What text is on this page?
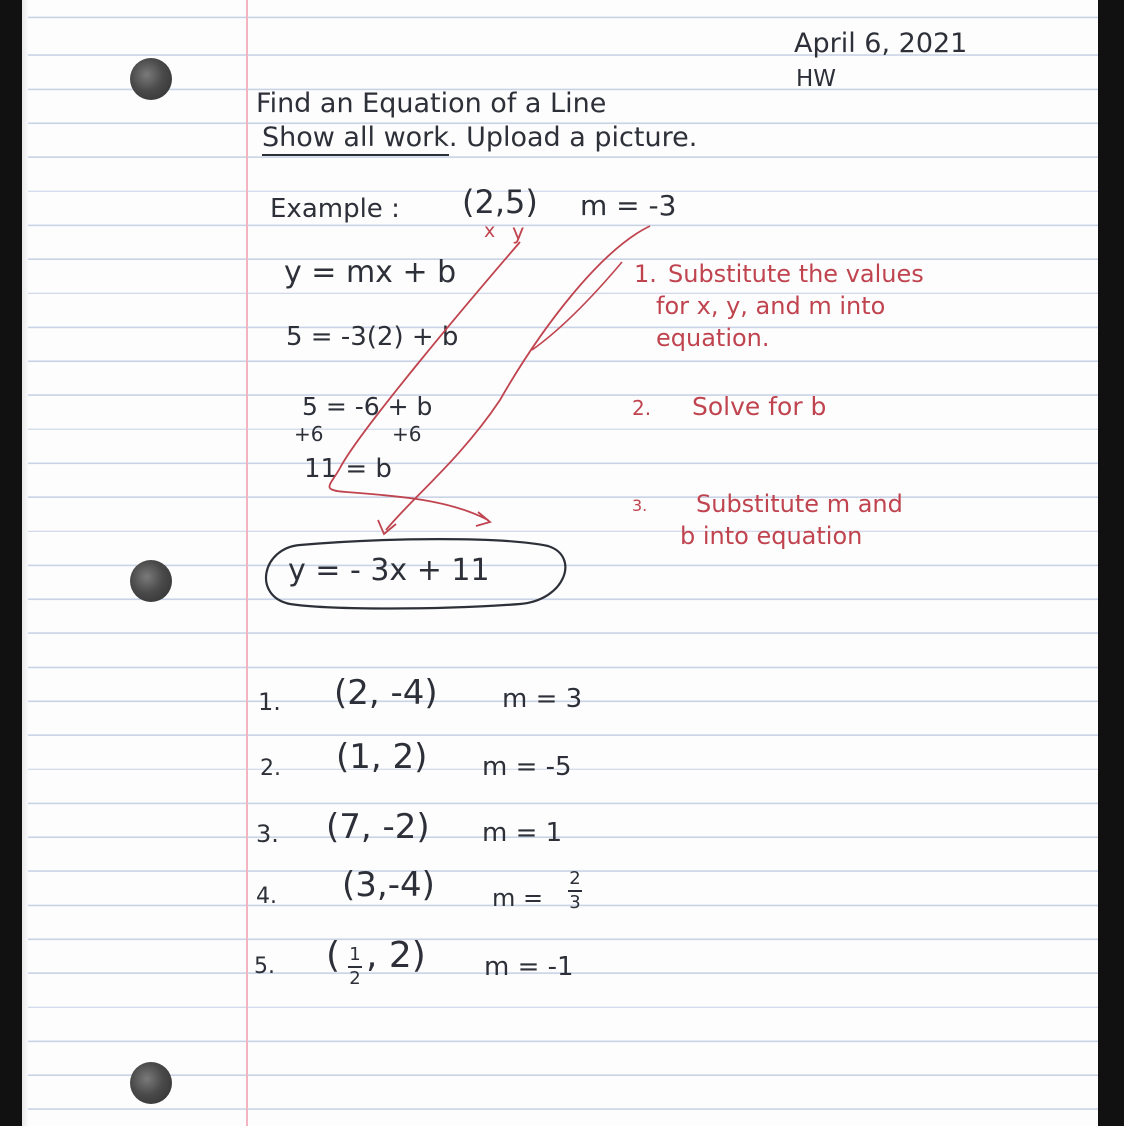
April 6, 2021
HW
Find an Equation of a Line
Show all work. Upload a picture.
Example : (2,5) m = -3
x y
y = mx + b
5 = -3(2) + b
5 = -6 + b
+6	+6
11 = b
y = - 3x + 11
1. Substitute the values
for x, y, and m into
equation.
2. Solve for b
3. Substitute m and
b into equation
1. (2, -4) m = 3
2. (1, 2) m = -5
3. (7, -2) m = 1
4. (3,-4) m =
2
3
5. ( 1
2
, 2) m = -1
